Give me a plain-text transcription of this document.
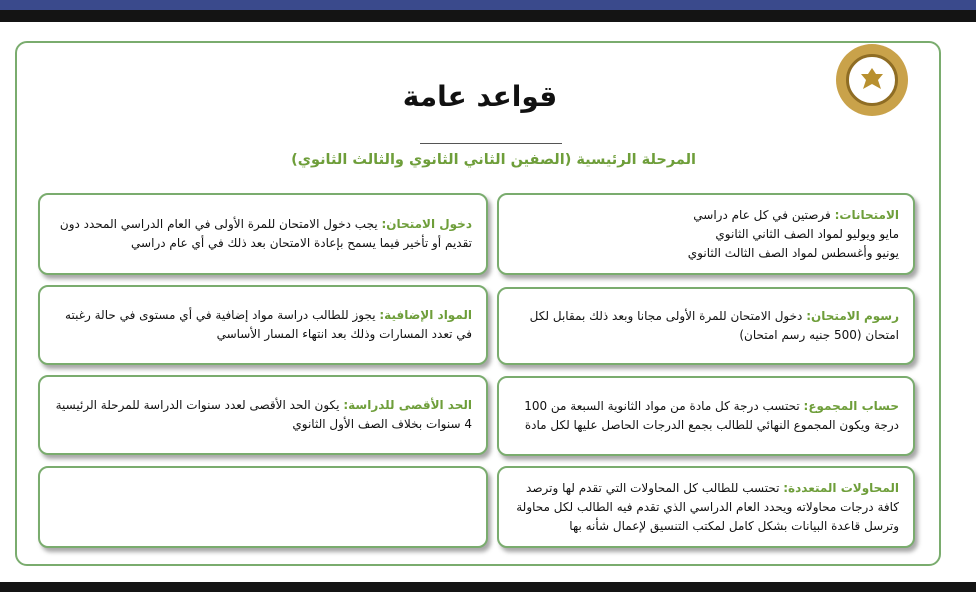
قواعد عامة
المرحلة الرئيسية (الصفين الثاني الثانوي والثالث الثانوي)
الامتحانات: فرصتين في كل عام دراسي
مايو ويوليو لمواد الصف الثاني الثانوي
يونيو وأغسطس لمواد الصف الثالث الثانوي
دخول الامتحان: يجب دخول الامتحان للمرة الأولى في العام الدراسي المحدد دون تقديم أو تأخير فيما يسمح بإعادة الامتحان بعد ذلك في أي عام دراسي
رسوم الامتحان: دخول الامتحان للمرة الأولى مجانا وبعد ذلك بمقابل لكل امتحان (500 جنيه رسم امتحان)
المواد الإضافية: يجوز للطالب دراسة مواد إضافية في أي مستوى في حالة رغبته في تعدد المسارات وذلك بعد انتهاء المسار الأساسي
حساب المجموع: تحتسب درجة كل مادة من مواد الثانوية السبعة من 100 درجة ويكون المجموع النهائي للطالب بجمع الدرجات الحاصل عليها لكل مادة
الحد الأقصى للدراسة: يكون الحد الأقصى لعدد سنوات الدراسة للمرحلة الرئيسية 4 سنوات بخلاف الصف الأول الثانوي
المحاولات المتعددة: تحتسب للطالب كل المحاولات التي تقدم لها وترصد كافة درجات محاولاته ويحدد العام الدراسي الذي تقدم فيه الطالب لكل محاولة وترسل قاعدة البيانات بشكل كامل لمكتب التنسيق لإعمال شأنه بها
